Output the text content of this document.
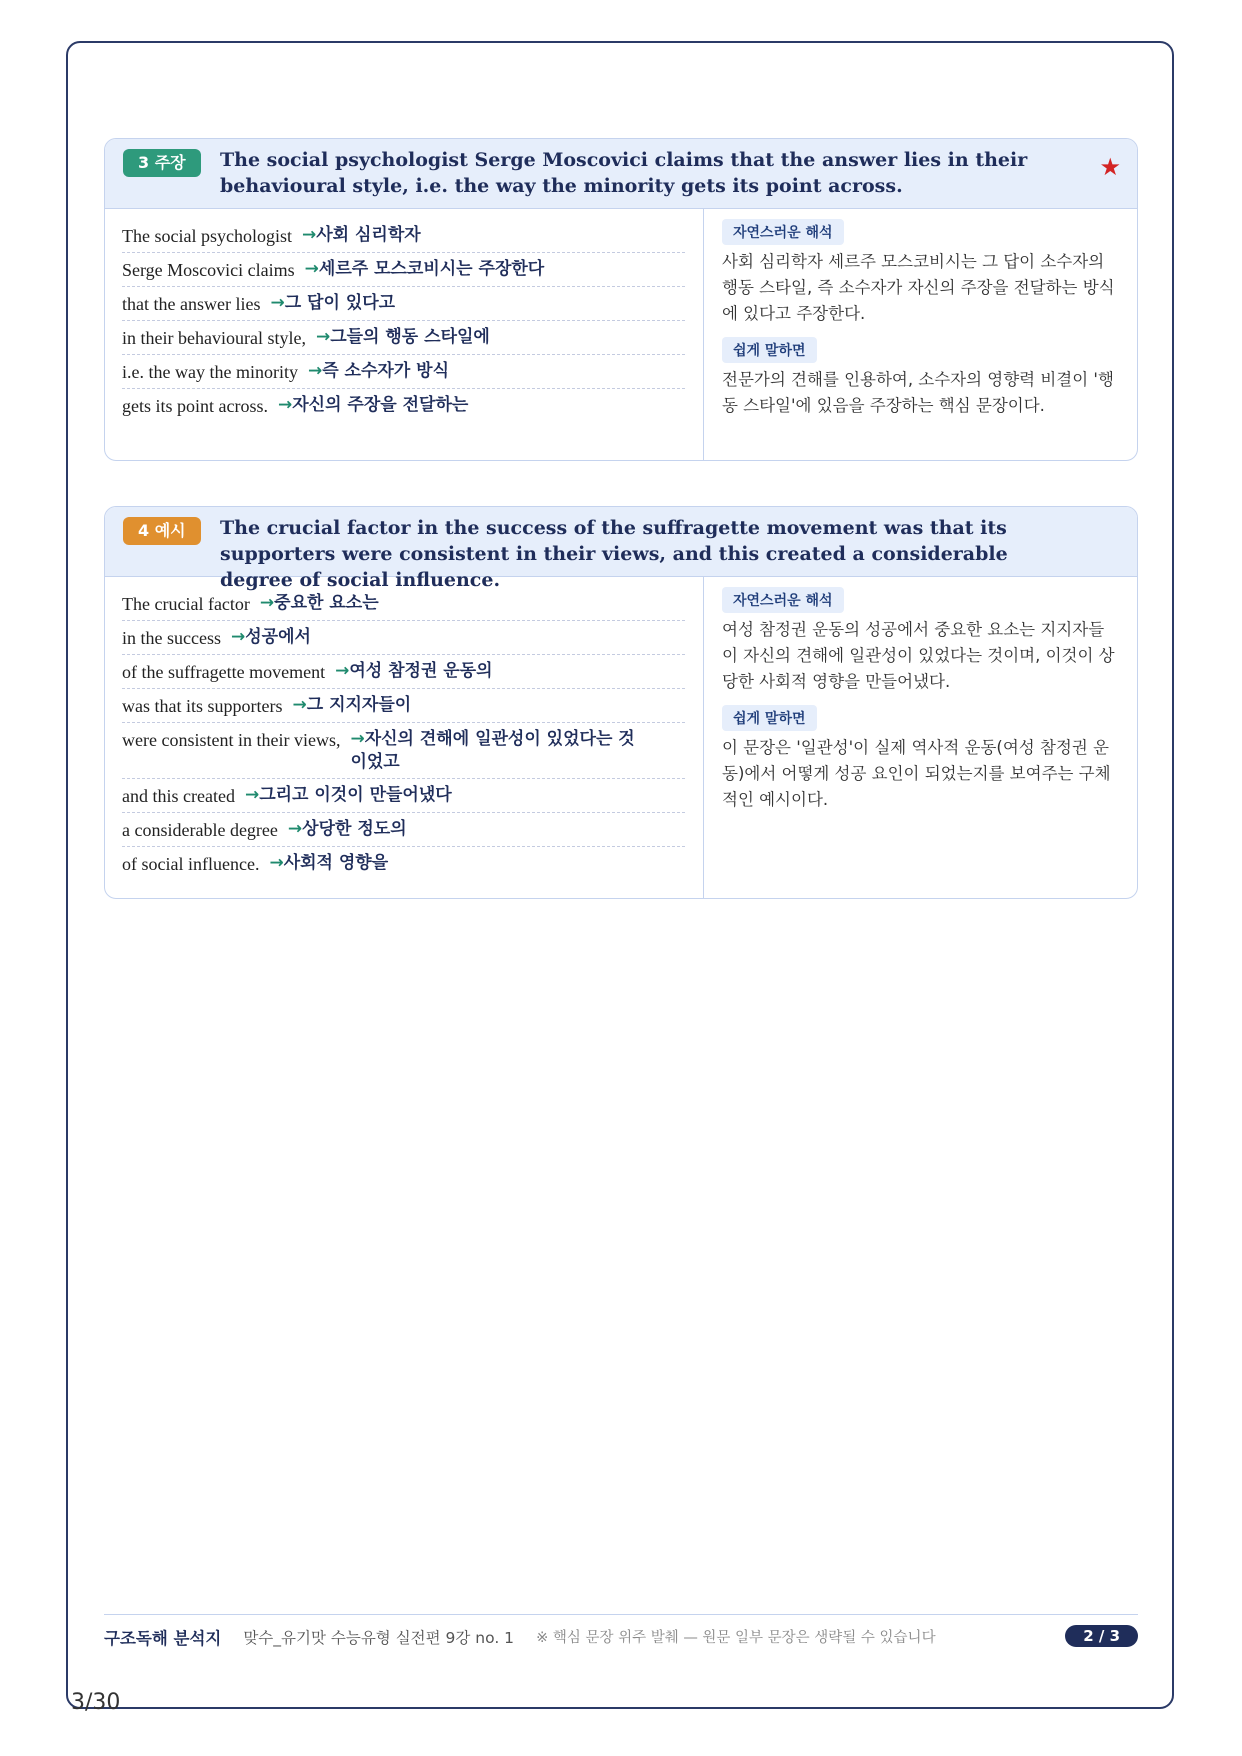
3 주장	The social psychologist Serge Moscovici claims that the answer lies in their behavioural style, i.e. the way the minority gets its point across.
★
The social psychologist →사회 심리학자
Serge Moscovici claims →세르주 모스코비시는 주장한다
that the answer lies →그 답이 있다고
in their behavioural style, →그들의 행동 스타일에
i.e. the way the minority →즉 소수자가 방식
gets its point across. →자신의 주장을 전달하는
자연스러운 해석
사회 심리학자 세르주 모스코비시는 그 답이 소수자의 행동 스타일, 즉 소수자가 자신의 주장을 전달하는 방식에 있다고 주장한다.
쉽게 말하면
전문가의 견해를 인용하여, 소수자의 영향력 비결이 '행동 스타일'에 있음을 주장하는 핵심 문장이다.
4 예시	The crucial factor in the success of the suffragette movement was that its supporters were consistent in their views, and this created a considerable degree of social influence.
The crucial factor →중요한 요소는
in the success →성공에서
of the suffragette movement →여성 참정권 운동의
was that its supporters →그 지지자들이
were consistent in their views, →자신의 견해에 일관성이 있었다는 것이었고
and this created →그리고 이것이 만들어냈다
a considerable degree →상당한 정도의
of social influence. →사회적 영향을
자연스러운 해석
여성 참정권 운동의 성공에서 중요한 요소는 지지자들이 자신의 견해에 일관성이 있었다는 것이며, 이것이 상당한 사회적 영향을 만들어냈다.
쉽게 말하면
이 문장은 '일관성'이 실제 역사적 운동(여성 참정권 운동)에서 어떻게 성공 요인이 되었는지를 보여주는 구체적인 예시이다.
구조독해 분석지 맞수_유기맛 수능유형 실전편 9강 no. 1 ※ 핵심 문장 위주 발췌 — 원문 일부 문장은 생략될 수 있습니다	2 / 3
3/30
